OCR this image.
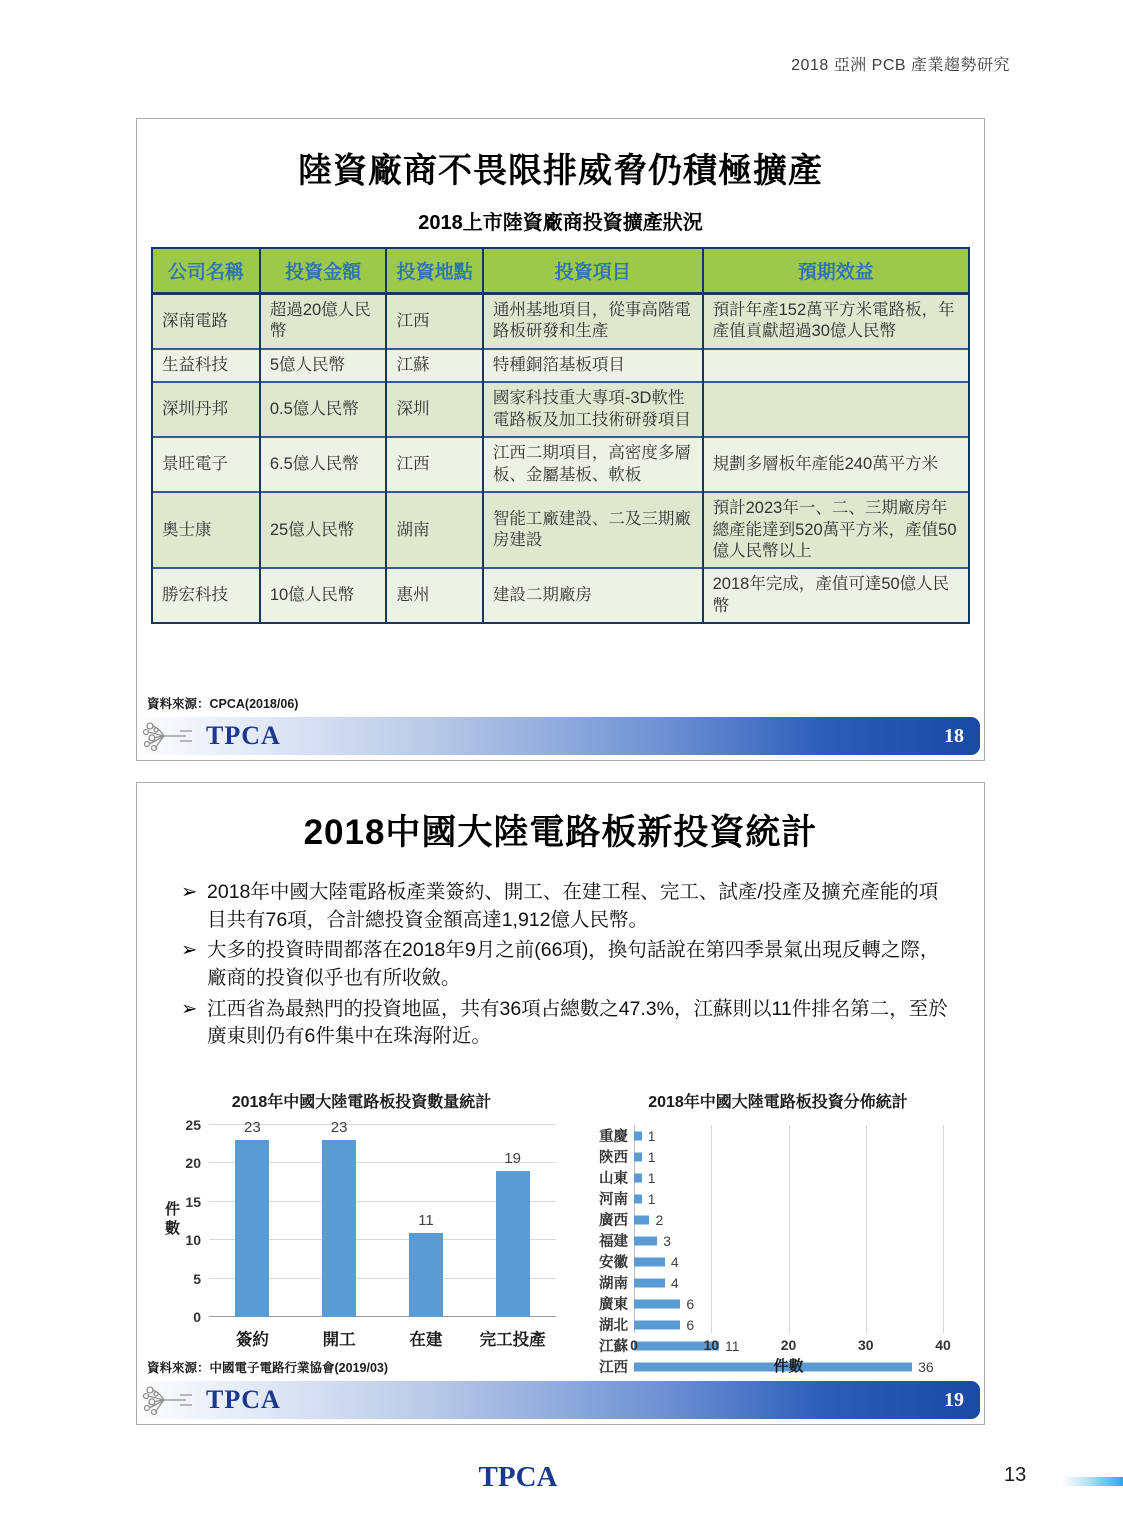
2018 亞洲 PCB 產業趨勢研究
陸資廠商不畏限排威脅仍積極擴產
2018上市陸資廠商投資擴產狀況
公司名稱	投資金額	投資地點	投資項目	預期效益
深南電路	超過20億人民幣	江西	通州基地項目，從事高階電路板研發和生產	預計年產152萬平方米電路板，年產值貢獻超過30億人民幣
生益科技	5億人民幣	江蘇	特種銅箔基板項目	
深圳丹邦	0.5億人民幣	深圳	國家科技重大專項-3D軟性電路板及加工技術研發項目	
景旺電子	6.5億人民幣	江西	江西二期項目，高密度多層板、金屬基板、軟板	規劃多層板年產能240萬平方米
奧士康	25億人民幣	湖南	智能工廠建設、二及三期廠房建設	預計2023年一、二、三期廠房年總產能達到520萬平方米，產值50億人民幣以上
勝宏科技	10億人民幣	惠州	建設二期廠房	2018年完成，產值可達50億人民幣
資料來源：CPCA(2018/06)
TPCA	18
2018中國大陸電路板新投資統計
➢ 2018年中國大陸電路板產業簽約、開工、在建工程、完工、試產/投產及擴充產能的項目共有76項，合計總投資金額高達1,912億人民幣。
➢ 大多的投資時間都落在2018年9月之前(66項)，換句話說在第四季景氣出現反轉之際，廠商的投資似乎也有所收斂。
➢ 江西省為最熱門的投資地區，共有36項占總數之47.3%，江蘇則以11件排名第二，至於廣東則仍有6件集中在珠海附近。
2018年中國大陸電路板投資數量統計
件數
0
5
10
15
20
25	23
簽約
23
開工
11
在建
19
完工投產
2018年中國大陸電路板投資分佈統計
重慶	1
陝西	1
山東	1
河南	1
廣西	2
福建	3
安徽	4
湖南	4
廣東	6
湖北	6
江蘇	11
江西	36
0	10	20	30	40
件數
資料來源：中國電子電路行業協會(2019/03)
TPCA	19
TPCA	13
